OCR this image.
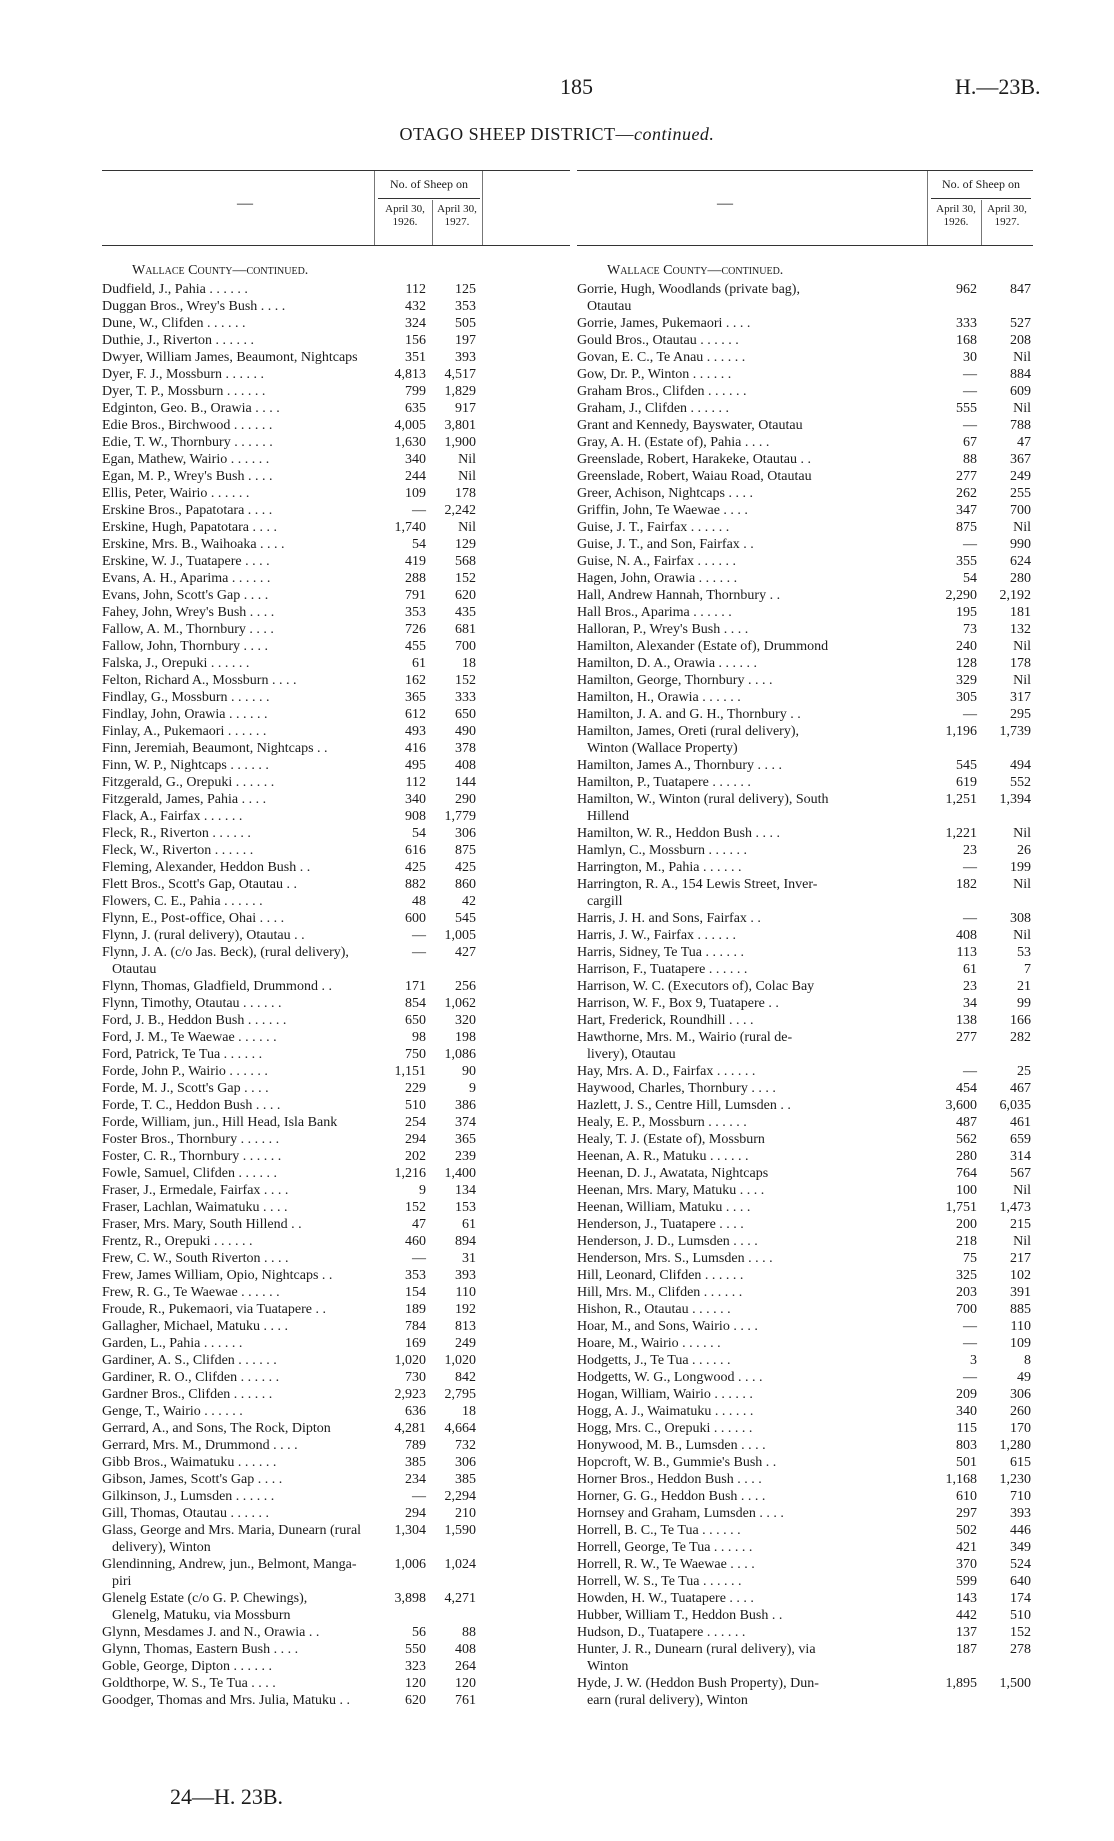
185	H.—23B.
OTAGO SHEEP DISTRICT—continued.
—
No. of Sheep on
April 30, 1926.
April 30, 1927.
Wallace County—continued.
Dudfield, J., Pahia . . . . . .	112 125
Duggan Bros., Wrey's Bush . . . .	432 353
Dune, W., Clifden . . . . . .	324 505
Duthie, J., Riverton . . . . . .	156 197
Dwyer, William James, Beaumont, Nightcaps	351 393
Dyer, F. J., Mossburn . . . . . .	4,813 4,517
Dyer, T. P., Mossburn . . . . . .	799 1,829
Edginton, Geo. B., Orawia . . . .	635 917
Edie Bros., Birchwood . . . . . .	4,005 3,801
Edie, T. W., Thornbury . . . . . .	1,630 1,900
Egan, Mathew, Wairio . . . . . .	340 Nil
Egan, M. P., Wrey's Bush . . . .	244 Nil
Ellis, Peter, Wairio . . . . . .	109 178
Erskine Bros., Papatotara . . . .	— 2,242
Erskine, Hugh, Papatotara . . . .	1,740 Nil
Erskine, Mrs. B., Waihoaka . . . .	54 129
Erskine, W. J., Tuatapere . . . .	419 568
Evans, A. H., Aparima . . . . . .	288 152
Evans, John, Scott's Gap . . . .	791 620
Fahey, John, Wrey's Bush . . . .	353 435
Fallow, A. M., Thornbury . . . .	726 681
Fallow, John, Thornbury . . . .	455 700
Falska, J., Orepuki . . . . . .	61	18
Felton, Richard A., Mossburn . . . .	162 152
Findlay, G., Mossburn . . . . . .	365 333
Findlay, John, Orawia . . . . . .	612 650
Finlay, A., Pukemaori . . . . . .	493 490
Finn, Jeremiah, Beaumont, Nightcaps . .	416 378
Finn, W. P., Nightcaps . . . . . .	495 408
Fitzgerald, G., Orepuki . . . . . .	112 144
Fitzgerald, James, Pahia . . . .	340 290
Flack, A., Fairfax . . . . . .	908 1,779
Fleck, R., Riverton . . . . . .	54 306
Fleck, W., Riverton . . . . . .	616 875
Fleming, Alexander, Heddon Bush . .	425 425
Flett Bros., Scott's Gap, Otautau . .	882 860
Flowers, C. E., Pahia . . . . . .	48	42
Flynn, E., Post-office, Ohai . . . .	600 545
Flynn, J. (rural delivery), Otautau . .	— 1,005
Flynn, J. A. (c/o Jas. Beck), (rural delivery),	— 427
Otautau
Flynn, Thomas, Gladfield, Drummond . .	171 256
Flynn, Timothy, Otautau . . . . . .	854 1,062
Ford, J. B., Heddon Bush . . . . . .	650 320
Ford, J. M., Te Waewae . . . . . .	98 198
Ford, Patrick, Te Tua . . . . . .	750 1,086
Forde, John P., Wairio . . . . . .	1,151	90
Forde, M. J., Scott's Gap . . . .	229	9
Forde, T. C., Heddon Bush . . . .	510 386
Forde, William, jun., Hill Head, Isla Bank	254 374
Foster Bros., Thornbury . . . . . .	294 365
Foster, C. R., Thornbury . . . . . .	202 239
Fowle, Samuel, Clifden . . . . . .	1,216 1,400
Fraser, J., Ermedale, Fairfax . . . .	9 134
Fraser, Lachlan, Waimatuku . . . .	152 153
Fraser, Mrs. Mary, South Hillend . .	47	61
Frentz, R., Orepuki . . . . . .	460 894
Frew, C. W., South Riverton . . . .	—	31
Frew, James William, Opio, Nightcaps . .	353 393
Frew, R. G., Te Waewae . . . . . .	154 110
Froude, R., Pukemaori, via Tuatapere . .	189 192
Gallagher, Michael, Matuku . . . .	784 813
Garden, L., Pahia . . . . . .	169 249
Gardiner, A. S., Clifden . . . . . .	1,020 1,020
Gardiner, R. O., Clifden . . . . . .	730 842
Gardner Bros., Clifden . . . . . .	2,923 2,795
Genge, T., Wairio . . . . . .	636	18
Gerrard, A., and Sons, The Rock, Dipton	4,281 4,664
Gerrard, Mrs. M., Drummond . . . .	789 732
Gibb Bros., Waimatuku . . . . . .	385 306
Gibson, James, Scott's Gap . . . .	234 385
Gilkinson, J., Lumsden . . . . . .	— 2,294
Gill, Thomas, Otautau . . . . . .	294 210
Glass, George and Mrs. Maria, Dunearn (rural	1,304 1,590
delivery), Winton
Glendinning, Andrew, jun., Belmont, Manga-	1,006 1,024
piri
Glenelg Estate (c/o G. P. Chewings),	3,898 4,271
Glenelg, Matuku, via Mossburn
Glynn, Mesdames J. and N., Orawia . .	56	88
Glynn, Thomas, Eastern Bush . . . .	550 408
Goble, George, Dipton . . . . . .	323 264
Goldthorpe, W. S., Te Tua . . . .	120 120
Goodger, Thomas and Mrs. Julia, Matuku . .	620 761
—
No. of Sheep on
April 30, 1926.
April 30, 1927.
Wallace County—continued.
Gorrie, Hugh, Woodlands (private bag),	962 847
Otautau
Gorrie, James, Pukemaori . . . .	333 527
Gould Bros., Otautau . . . . . .	168 208
Govan, E. C., Te Anau . . . . . .	30	Nil
Gow, Dr. P., Winton . . . . . .	— 884
Graham Bros., Clifden . . . . . .	— 609
Graham, J., Clifden . . . . . .	555	Nil
Grant and Kennedy, Bayswater, Otautau	— 788
Gray, A. H. (Estate of), Pahia . . . .	67	47
Greenslade, Robert, Harakeke, Otautau . .	88 367
Greenslade, Robert, Waiau Road, Otautau	277 249
Greer, Achison, Nightcaps . . . .	262 255
Griffin, John, Te Waewae . . . .	347 700
Guise, J. T., Fairfax . . . . . .	875	Nil
Guise, J. T., and Son, Fairfax . .	— 990
Guise, N. A., Fairfax . . . . . .	355 624
Hagen, John, Orawia . . . . . .	54 280
Hall, Andrew Hannah, Thornbury . .	2,290 2,192
Hall Bros., Aparima . . . . . .	195 181
Halloran, P., Wrey's Bush . . . .	73 132
Hamilton, Alexander (Estate of), Drummond	240	Nil
Hamilton, D. A., Orawia . . . . . .	128 178
Hamilton, George, Thornbury . . . .	329	Nil
Hamilton, H., Orawia . . . . . .	305 317
Hamilton, J. A. and G. H., Thornbury . .	— 295
Hamilton, James, Oreti (rural delivery),	1,196 1,739
Winton (Wallace Property)
Hamilton, James A., Thornbury . . . .	545 494
Hamilton, P., Tuatapere . . . . . .	619 552
Hamilton, W., Winton (rural delivery), South	1,251 1,394
Hillend
Hamilton, W. R., Heddon Bush . . . .	1,221	Nil
Hamlyn, C., Mossburn . . . . . .	23	26
Harrington, M., Pahia . . . . . .	— 199
Harrington, R. A., 154 Lewis Street, Inver-	182	Nil
cargill
Harris, J. H. and Sons, Fairfax . .	— 308
Harris, J. W., Fairfax . . . . . .	408	Nil
Harris, Sidney, Te Tua . . . . . .	113	53
Harrison, F., Tuatapere . . . . . .	61	7
Harrison, W. C. (Executors of), Colac Bay	23	21
Harrison, W. F., Box 9, Tuatapere . .	34	99
Hart, Frederick, Roundhill . . . .	138 166
Hawthorne, Mrs. M., Wairio (rural de-	277 282
livery), Otautau
Hay, Mrs. A. D., Fairfax . . . . . .	—	25
Haywood, Charles, Thornbury . . . .	454 467
Hazlett, J. S., Centre Hill, Lumsden . .	3,600 6,035
Healy, E. P., Mossburn . . . . . .	487 461
Healy, T. J. (Estate of), Mossburn	562 659
Heenan, A. R., Matuku . . . . . .	280 314
Heenan, D. J., Awatata, Nightcaps	764 567
Heenan, Mrs. Mary, Matuku . . . .	100	Nil
Heenan, William, Matuku . . . .	1,751 1,473
Henderson, J., Tuatapere . . . .	200 215
Henderson, J. D., Lumsden . . . .	218	Nil
Henderson, Mrs. S., Lumsden . . . .	75 217
Hill, Leonard, Clifden . . . . . .	325 102
Hill, Mrs. M., Clifden . . . . . .	203 391
Hishon, R., Otautau . . . . . .	700 885
Hoar, M., and Sons, Wairio . . . .	— 110
Hoare, M., Wairio . . . . . .	— 109
Hodgetts, J., Te Tua . . . . . .	3	8
Hodgetts, W. G., Longwood . . . .	—	49
Hogan, William, Wairio . . . . . .	209 306
Hogg, A. J., Waimatuku . . . . . .	340 260
Hogg, Mrs. C., Orepuki . . . . . .	115 170
Honywood, M. B., Lumsden . . . .	803 1,280
Hopcroft, W. B., Gummie's Bush . .	501 615
Horner Bros., Heddon Bush . . . .	1,168 1,230
Horner, G. G., Heddon Bush . . . .	610 710
Hornsey and Graham, Lumsden . . . .	297 393
Horrell, B. C., Te Tua . . . . . .	502 446
Horrell, George, Te Tua . . . . . .	421 349
Horrell, R. W., Te Waewae . . . .	370 524
Horrell, W. S., Te Tua . . . . . .	599 640
Howden, H. W., Tuatapere . . . .	143 174
Hubber, William T., Heddon Bush . .	442 510
Hudson, D., Tuatapere . . . . . .	137 152
Hunter, J. R., Dunearn (rural delivery), via	187 278
Winton
Hyde, J. W. (Heddon Bush Property), Dun-	1,895 1,500
earn (rural delivery), Winton
24—H. 23B.
